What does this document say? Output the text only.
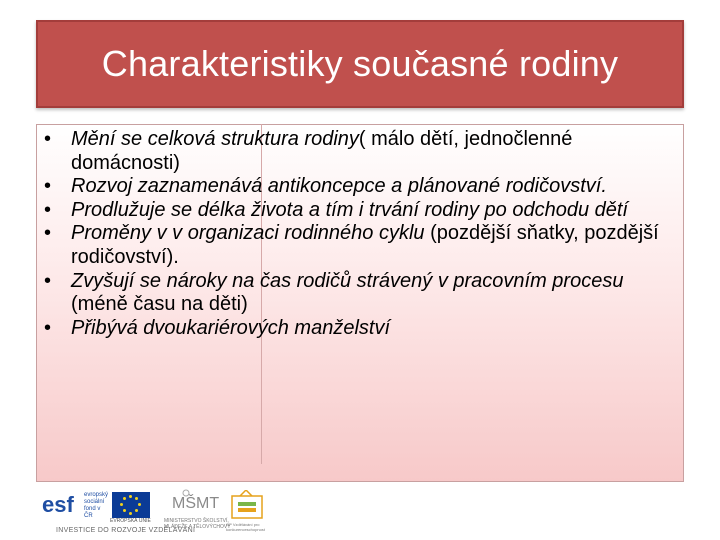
Charakteristiky současné rodiny
• Mění se celková struktura rodiny( málo dětí, jednočlenné domácnosti)
• Rozvoj zaznamenává antikoncepce a plánované rodičovství.
• Prodlužuje se délka života a tím i trvání rodiny po odchodu dětí
• Proměny v v organizaci rodinného cyklu (pozdější sňatky, pozdější rodičovství).
• Zvyšují se nároky na čas rodičů strávený v pracovním procesu (méně času na děti)
• Přibývá dvoukariérových manželství
esf evropský sociální fond v ČR
EVROPSKÁ UNIE
MŠMT
MINISTERSTVO ŠKOLSTVÍ, MLÁDEŽE A TĚLOVÝCHOVY
OP Vzdělávání pro konkurenceschopnost
INVESTICE DO ROZVOJE VZDĚLÁVÁNÍ
